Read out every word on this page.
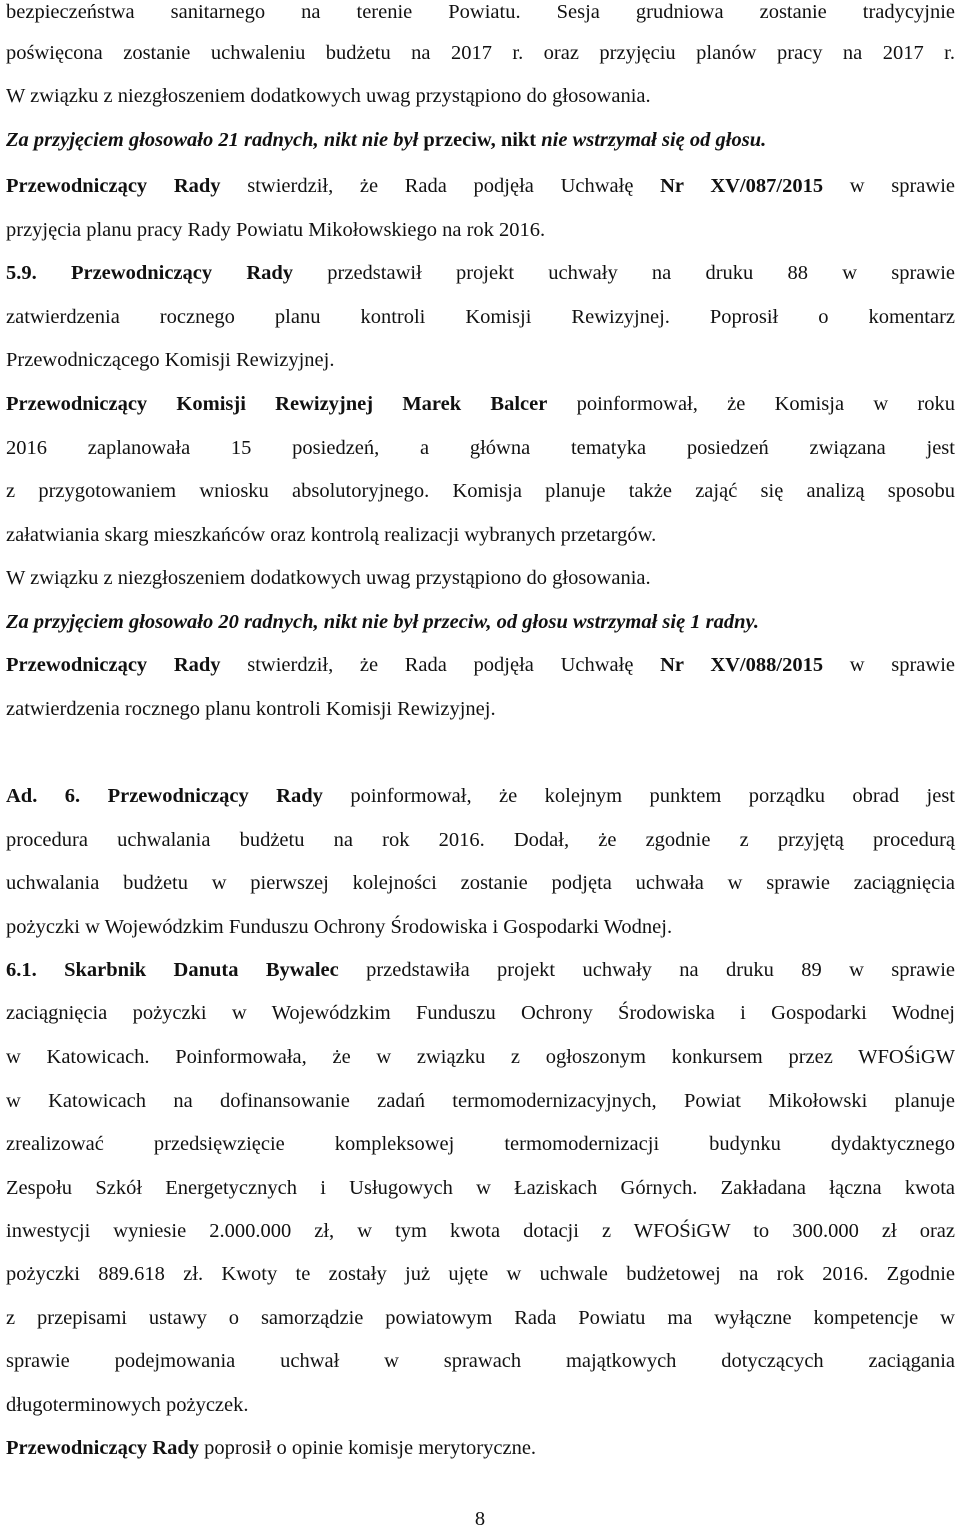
bezpieczeństwa sanitarnego na terenie Powiatu. Sesja grudniowa zostanie tradycyjnie
poświęcona zostanie uchwaleniu budżetu na 2017 r. oraz przyjęciu planów pracy na 2017 r.
W związku z niezgłoszeniem dodatkowych uwag przystąpiono do głosowania.
Za przyjęciem głosowało 21 radnych, nikt nie był przeciw, nikt nie wstrzymał się od głosu.
Przewodniczący Rady stwierdził, że Rada podjęła Uchwałę Nr XV/087/2015 w sprawie
przyjęcia planu pracy Rady Powiatu Mikołowskiego na rok 2016.
5.9. Przewodniczący Rady przedstawił projekt uchwały na druku 88 w sprawie
zatwierdzenia rocznego planu kontroli Komisji Rewizyjnej. Poprosił o komentarz
Przewodniczącego Komisji Rewizyjnej.
Przewodniczący Komisji Rewizyjnej Marek Balcer poinformował, że Komisja w roku
2016 zaplanowała 15 posiedzeń, a główna tematyka posiedzeń związana jest
z przygotowaniem wniosku absolutoryjnego. Komisja planuje także zająć się analizą sposobu
załatwiania skarg mieszkańców oraz kontrolą realizacji wybranych przetargów.
W związku z niezgłoszeniem dodatkowych uwag przystąpiono do głosowania.
Za przyjęciem głosowało 20 radnych, nikt nie był przeciw, od głosu wstrzymał się 1 radny.
Przewodniczący Rady stwierdził, że Rada podjęła Uchwałę Nr XV/088/2015 w sprawie
zatwierdzenia rocznego planu kontroli Komisji Rewizyjnej.
Ad. 6. Przewodniczący Rady poinformował, że kolejnym punktem porządku obrad jest
procedura uchwalania budżetu na rok 2016. Dodał, że zgodnie z przyjętą procedurą
uchwalania budżetu w pierwszej kolejności zostanie podjęta uchwała w sprawie zaciągnięcia
pożyczki w Wojewódzkim Funduszu Ochrony Środowiska i Gospodarki Wodnej.
6.1. Skarbnik Danuta Bywalec przedstawiła projekt uchwały na druku 89 w sprawie
zaciągnięcia pożyczki w Wojewódzkim Funduszu Ochrony Środowiska i Gospodarki Wodnej
w Katowicach. Poinformowała, że w związku z ogłoszonym konkursem przez WFOŚiGW
w Katowicach na dofinansowanie zadań termomodernizacyjnych, Powiat Mikołowski planuje
zrealizować przedsięwzięcie kompleksowej termomodernizacji budynku dydaktycznego
Zespołu Szkół Energetycznych i Usługowych w Łaziskach Górnych. Zakładana łączna kwota
inwestycji wyniesie 2.000.000 zł, w tym kwota dotacji z WFOŚiGW to 300.000 zł oraz
pożyczki 889.618 zł. Kwoty te zostały już ujęte w uchwale budżetowej na rok 2016. Zgodnie
z przepisami ustawy o samorządzie powiatowym Rada Powiatu ma wyłączne kompetencje w
sprawie podejmowania uchwał w sprawach majątkowych dotyczących zaciągania
długoterminowych pożyczek.
Przewodniczący Rady poprosił o opinie komisje merytoryczne.
8
